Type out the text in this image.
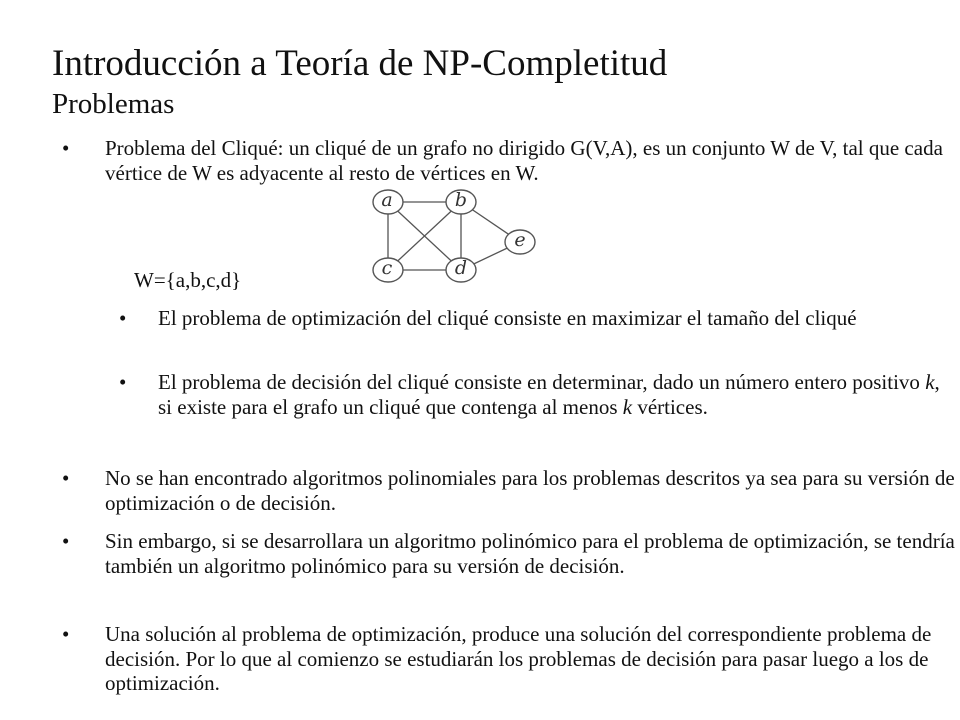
Introducción a Teoría de NP-Completitud
Problemas
• Problema del Cliqué: un cliqué de un grafo no dirigido G(V,A), es un conjunto W de V, tal que cada vértice de W es adyacente al resto de vértices en W.
a	b
c	d
e
W={a,b,c,d}
• El problema de optimización del cliqué consiste en maximizar el tamaño del cliqué
• El problema de decisión del cliqué consiste en determinar, dado un número entero positivo k, si existe para el grafo un cliqué que contenga al menos k vértices.
• No se han encontrado algoritmos polinomiales para los problemas descritos ya sea para su versión de optimización o de decisión.
• Sin embargo, si se desarrollara un algoritmo polinómico para el problema de optimización, se tendría también un algoritmo polinómico para su versión de decisión.
• Una solución al problema de optimización, produce una solución del correspondiente problema de decisión. Por lo que al comienzo se estudiarán los problemas de decisión para pasar luego a los de optimización.
